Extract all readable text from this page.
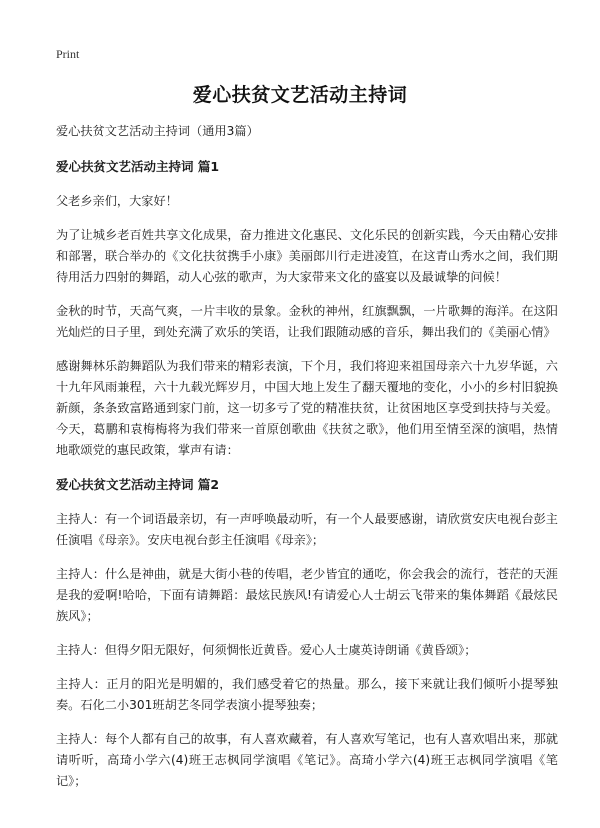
Print
爱心扶贫文艺活动主持词

爱心扶贫文艺活动主持词（通用3篇）

爱心扶贫文艺活动主持词 篇1

父老乡亲们，大家好！

为了让城乡老百姓共享文化成果，奋力推进文化惠民、文化乐民的创新实践，今天由精心安排和部署，联合举办的《文化扶贫携手小康》美丽郎川行走进凌笪，在这青山秀水之间，我们期待用活力四射的舞蹈，动人心弦的歌声，为大家带来文化的盛宴以及最诚挚的问候！

金秋的时节，天高气爽，一片丰收的景象。金秋的神州，红旗飘飘，一片歌舞的海洋。在这阳光灿烂的日子里，到处充满了欢乐的笑语，让我们跟随动感的音乐，舞出我们的《美丽心情》

感谢舞林乐韵舞蹈队为我们带来的精彩表演，下个月，我们将迎来祖国母亲六十九岁华诞，六十九年风雨兼程，六十九载光辉岁月，中国大地上发生了翻天覆地的变化，小小的乡村旧貌换新颜，条条致富路通到家门前，这一切多亏了党的精准扶贫，让贫困地区享受到扶持与关爱。今天，葛鹏和袁梅梅将为我们带来一首原创歌曲《扶贫之歌》，他们用至情至深的演唱，热情地歌颂党的惠民政策，掌声有请：

爱心扶贫文艺活动主持词 篇2

主持人：有一个词语最亲切，有一声呼唤最动听，有一个人最要感谢，请欣赏安庆电视台彭主任演唱《母亲》。安庆电视台彭主任演唱《母亲》；

主持人：什么是神曲，就是大街小巷的传唱，老少皆宜的通吃，你会我会的流行，苍茫的天涯是我的爱啊!哈哈，下面有请舞蹈：最炫民族风!有请爱心人士胡云飞带来的集体舞蹈《最炫民族风》；

主持人：但得夕阳无限好，何须惆怅近黄昏。爱心人士虞英诗朗诵《黄昏颂》；

主持人：正月的阳光是明媚的，我们感受着它的热量。那么，接下来就让我们倾听小提琴独奏。石化二小301班胡艺冬同学表演小提琴独奏；

主持人：每个人都有自己的故事，有人喜欢藏着，有人喜欢写笔记，也有人喜欢唱出来，那就请听听，高琦小学六(4)班王志枫同学演唱《笔记》。高琦小学六(4)班王志枫同学演唱《笔记》；
